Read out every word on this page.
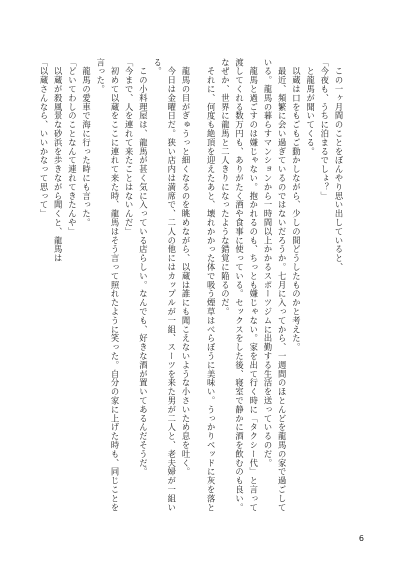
　この一ヶ月間のことをぼんやり思い出していると、
「今夜も、うちに泊まるでしょ？」
　と龍馬が聞いてくる。
　以蔵は口をもごもご動かしながら、少しの間どうしたものかと考えた。
　最近、頻繁に会い過ぎているのではないだろうか。七月に入ってから、一週間のほとんどを龍馬の家で過ごしている。龍馬の暮らすマンションから一時間以上かかるスポーツジムに出勤する生活を送っているのだ。
　龍馬と過ごすのは嫌じゃない。抱かれるのも、ちっとも嫌じゃない。家を出て行く時に「タクシー代」と言って渡してくれる数万円も、ありがたく酒や食事に使っている。セックスをした後、寝室で静かに酒を飲むのも良い。なぜか、世界に龍馬と二人きりになったような錯覚に陥るのだ。
　それに、何度も絶頂を迎えたあと、壊れかかった体で吸う煙草はべらぼうに美味い。うっかりベッドに灰を落と
　龍馬の目がぎゅうっと細くなるのを眺めながら、以蔵は誰にも聞こえないような小さいため息を吐く。
　今日は金曜日だ。狭い店内は満席で、二人の他にはカップルが一組、スーツを来た男が二人と、老夫婦が一組いる。
　この小料理屋は、龍馬が甚く気に入っている店らしい。なんでも、好きな酒が置いてあるんだそうだ。
「今まで、人を連れて来たことはないんだ」
　初めて以蔵をここに連れて来た時、龍馬はそう言って照れたように笑った。自分の家に上げた時も、同じことを言った。
　龍馬の愛車で海に行った時にも言った。
「どいてわしのことなんて連れてきたんや」
　以蔵が殺風景な砂浜を歩きながら聞くと、龍馬は
「以蔵さんなら、いいかなって思って」
6
